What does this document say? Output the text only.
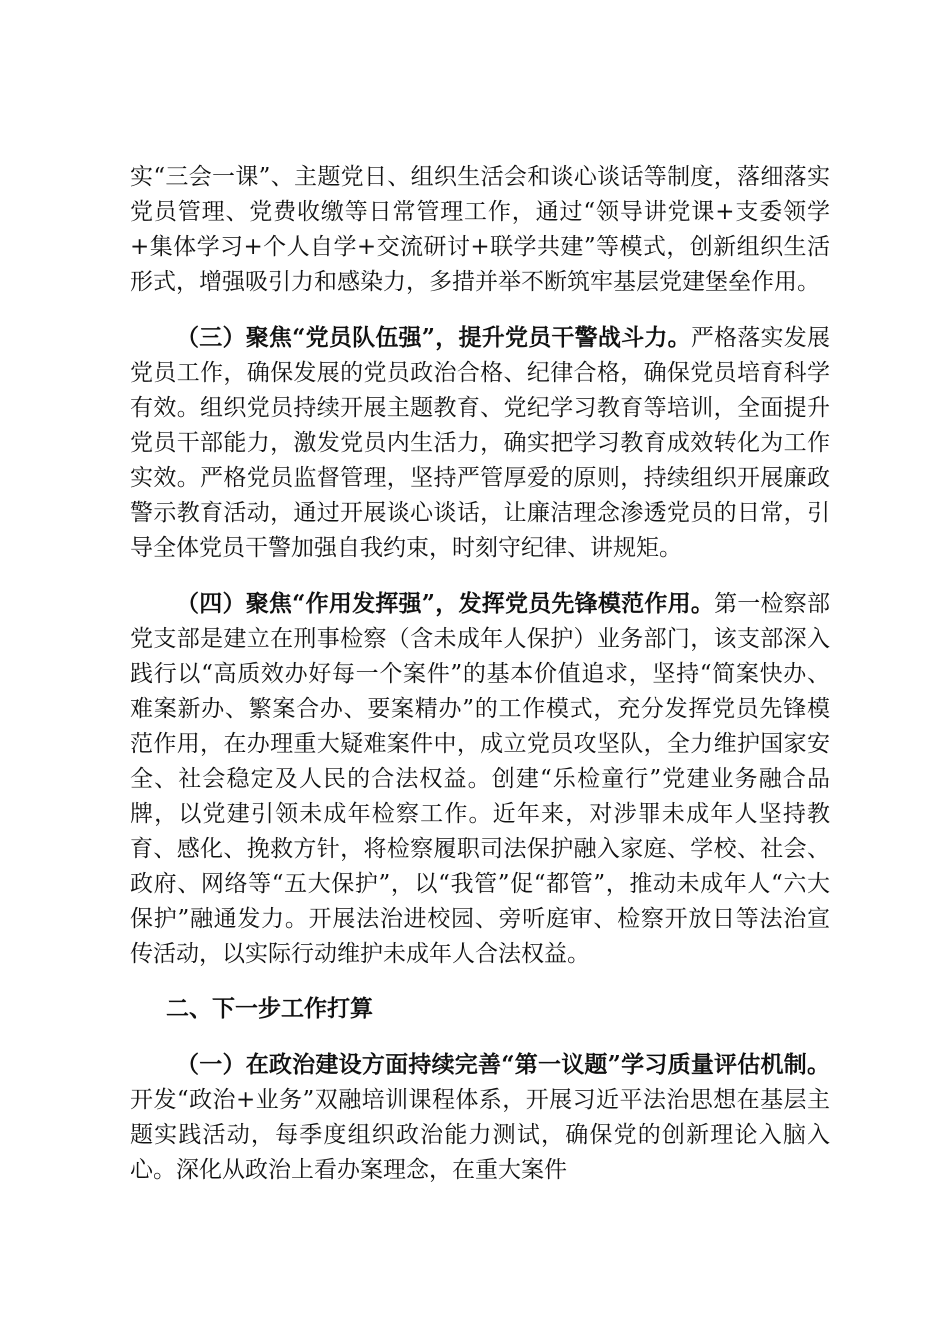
实“三会一课”、主题党日、组织生活会和谈心谈话等制度，落细落实党员管理、党费收缴等日常管理工作，通过“领导讲党课+支委领学+集体学习+个人自学+交流研讨+联学共建”等模式，创新组织生活形式，增强吸引力和感染力，多措并举不断筑牢基层党建堡垒作用。

（三）聚焦“党员队伍强”，提升党员干警战斗力。严格落实发展党员工作，确保发展的党员政治合格、纪律合格，确保党员培育科学有效。组织党员持续开展主题教育、党纪学习教育等培训，全面提升党员干部能力，激发党员内生活力，确实把学习教育成效转化为工作实效。严格党员监督管理，坚持严管厚爱的原则，持续组织开展廉政警示教育活动，通过开展谈心谈话，让廉洁理念渗透党员的日常，引导全体党员干警加强自我约束，时刻守纪律、讲规矩。

（四）聚焦“作用发挥强”，发挥党员先锋模范作用。第一检察部党支部是建立在刑事检察（含未成年人保护）业务部门，该支部深入践行以“高质效办好每一个案件”的基本价值追求，坚持“简案快办、难案新办、繁案合办、要案精办”的工作模式，充分发挥党员先锋模范作用，在办理重大疑难案件中，成立党员攻坚队，全力维护国家安全、社会稳定及人民的合法权益。创建“乐检童行”党建业务融合品牌，以党建引领未成年检察工作。近年来，对涉罪未成年人坚持教育、感化、挽救方针，将检察履职司法保护融入家庭、学校、社会、政府、网络等“五大保护”，以“我管”促“都管”，推动未成年人“六大保护”融通发力。开展法治进校园、旁听庭审、检察开放日等法治宣传活动，以实际行动维护未成年人合法权益。

二、下一步工作打算

（一）在政治建设方面持续完善“第一议题”学习质量评估机制。开发“政治+业务”双融培训课程体系，开展习近平法治思想在基层主题实践活动，每季度组织政治能力测试，确保党的创新理论入脑入心。深化从政治上看办案理念，在重大案件
